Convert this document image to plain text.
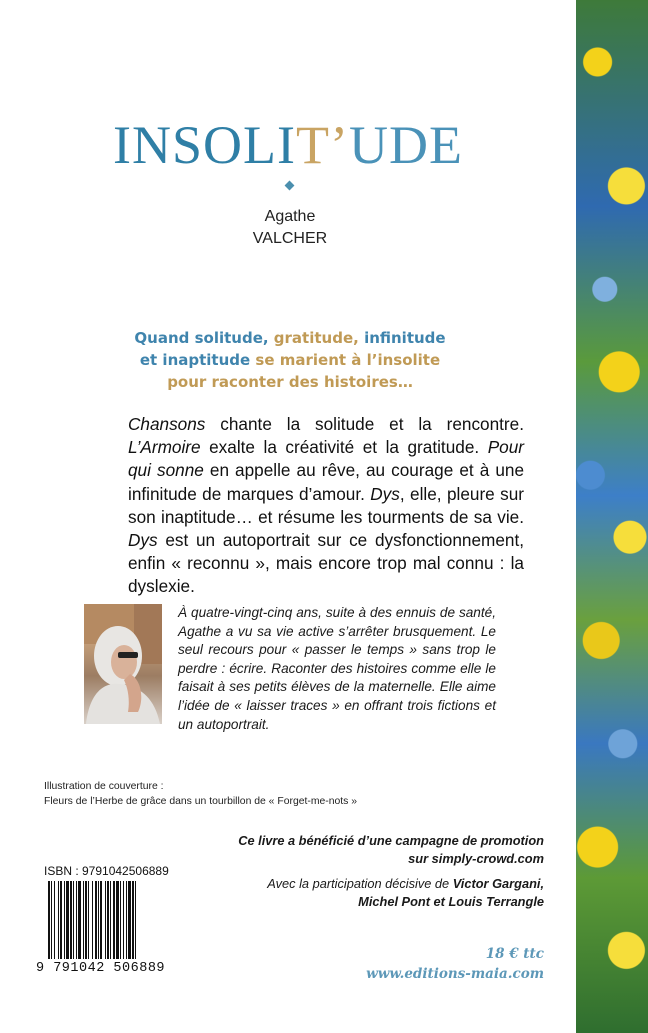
INSOLIT’UDE
Agathe
VALCHER
Quand solitude, gratitude, infinitude
et inaptitude se marient à l’insolite
pour raconter des histoires…
Chansons chante la solitude et la rencontre. L’Armoire exalte la créativité et la gratitude. Pour qui sonne en appelle au rêve, au courage et à une infinitude de marques d’amour. Dys, elle, pleure sur son inaptitude… et résume les tourments de sa vie. Dys est un autoportrait sur ce dysfonctionnement, enfin « reconnu », mais encore trop mal connu : la dyslexie.
À quatre-vingt-cinq ans, suite à des ennuis de santé, Agathe a vu sa vie active s’arrêter brusquement. Le seul recours pour « passer le temps » sans trop le perdre : écrire. Raconter des histoires comme elle le faisait à ses petits élèves de la maternelle. Elle aime l’idée de « laisser traces » en offrant trois fictions et un autoportrait.
Illustration de couverture :
Fleurs de l’Herbe de grâce dans un tourbillon de « Forget-me-nots »
Ce livre a bénéficié d’une campagne de promotion
sur simply-crowd.com
Avec la participation décisive de Victor Gargani,
Michel Pont et Louis Terrangle
ISBN : 9791042506889
9 791042 506889
18 € ttc
www.editions-maia.com
